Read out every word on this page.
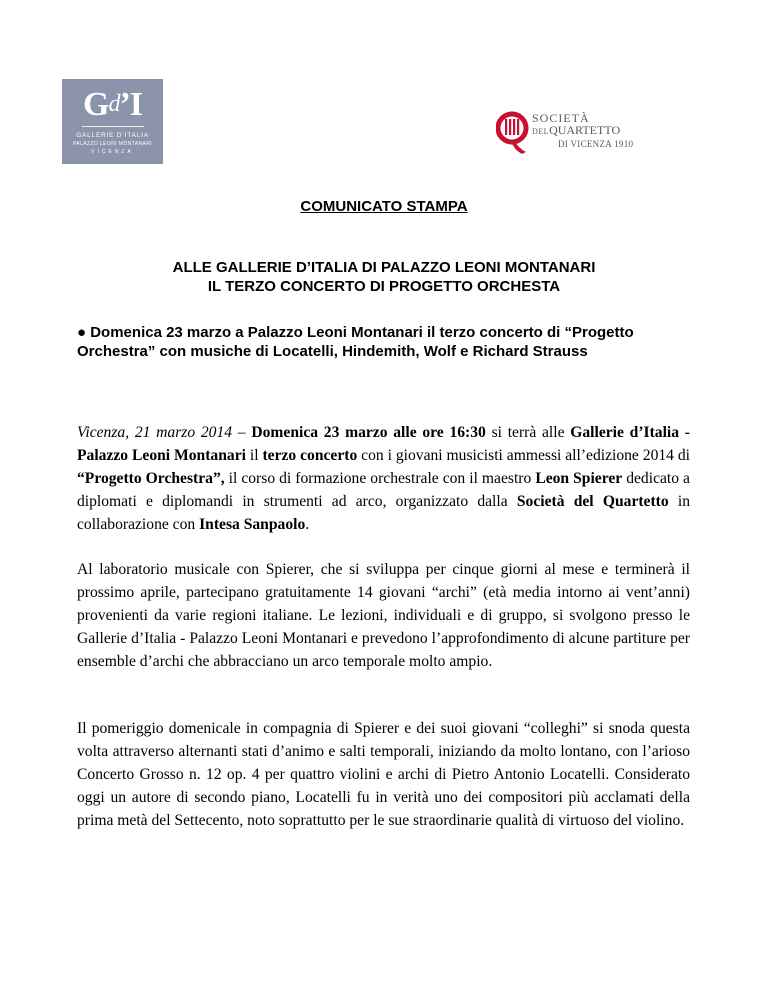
Gd’I
GALLERIE D’ITALIA
PALAZZO LEONI MONTANARI
VICENZA
SOCIETÀ
DELQUARTETTO
DI VICENZA 1910
COMUNICATO STAMPA
ALLE GALLERIE D’ITALIA DI PALAZZO LEONI MONTANARI
IL TERZO CONCERTO DI PROGETTO ORCHESTA
● Domenica 23 marzo a Palazzo Leoni Montanari il terzo concerto di “Progetto Orchestra” con musiche di Locatelli, Hindemith, Wolf e Richard Strauss
Vicenza, 21 marzo 2014 – Domenica 23 marzo alle ore 16:30 si terrà alle Gallerie d’Italia - Palazzo Leoni Montanari il terzo concerto con i giovani musicisti ammessi all’edizione 2014 di “Progetto Orchestra”, il corso di formazione orchestrale con il maestro Leon Spierer dedicato a diplomati e diplomandi in strumenti ad arco, organizzato dalla Società del Quartetto in collaborazione con Intesa Sanpaolo.
Al laboratorio musicale con Spierer, che si sviluppa per cinque giorni al mese e terminerà il prossimo aprile, partecipano gratuitamente 14 giovani “archi” (età media intorno ai vent’anni) provenienti da varie regioni italiane. Le lezioni, individuali e di gruppo, si svolgono presso le Gallerie d’Italia - Palazzo Leoni Montanari e prevedono l’approfondimento di alcune partiture per ensemble d’archi che abbracciano un arco temporale molto ampio.
Il pomeriggio domenicale in compagnia di Spierer e dei suoi giovani “colleghi” si snoda questa volta attraverso alternanti stati d’animo e salti temporali, iniziando da molto lontano, con l’arioso Concerto Grosso n. 12 op. 4 per quattro violini e archi di Pietro Antonio Locatelli. Considerato oggi un autore di secondo piano, Locatelli fu in verità uno dei compositori più acclamati della prima metà del Settecento, noto soprattutto per le sue straordinarie qualità di virtuoso del violino.
